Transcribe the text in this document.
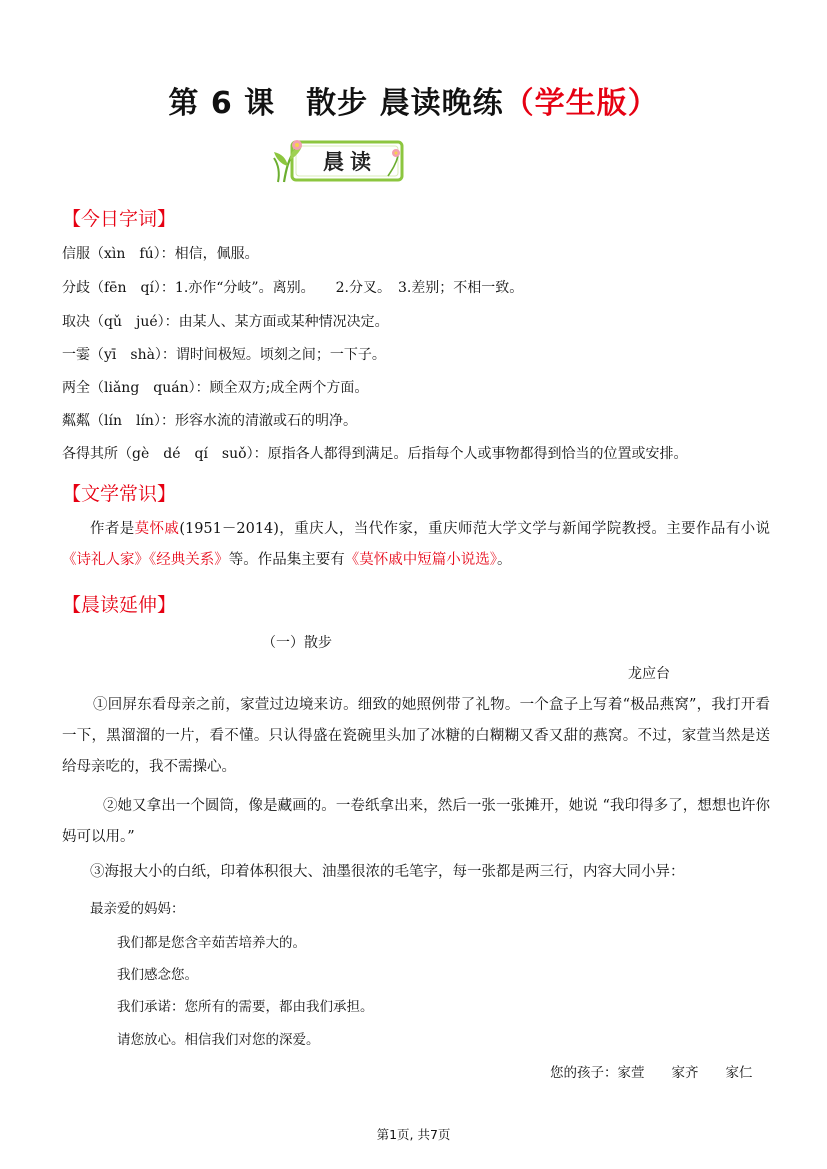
第 6 课　散步 晨读晚练（学生版）
晨读
【今日字词】
信服（xìn　fú）：相信，佩服。
分歧（fēn　qí）：1.亦作“分岐”。离别。　　2.分叉。　3.差别；不相一致。
取决（qǔ　jué）：由某人、某方面或某种情况决定。
一霎（yī　shà）：谓时间极短。顷刻之间；一下子。
两全（liǎng　quán）：顾全双方;成全两个方面。
粼粼（lín　lín）：形容水流的清澈或石的明净。
各得其所（gè　dé　qí　suǒ）：原指各人都得到满足。后指每个人或事物都得到恰当的位置或安排。
【文学常识】
作者是莫怀戚(1951－2014)，重庆人，当代作家，重庆师范大学文学与新闻学院教授。主要作品有小说《诗礼人家》《经典关系》等。作品集主要有《莫怀戚中短篇小说选》。
【晨读延伸】
（一）散步
龙应台
①回屏东看母亲之前，家萱过边境来访。细致的她照例带了礼物。一个盒子上写着“极品燕窝”，我打开看一下，黑溜溜的一片，看不懂。只认得盛在瓷碗里头加了冰糖的白糊糊又香又甜的燕窝。不过，家萱当然是送给母亲吃的，我不需操心。
②她又拿出一个圆筒，像是藏画的。一卷纸拿出来，然后一张一张摊开，她说 “我印得多了，想想也许你妈可以用。”
③海报大小的白纸，印着体积很大、油墨很浓的毛笔字，每一张都是两三行，内容大同小异：
最亲爱的妈妈：
我们都是您含辛茹苦培养大的。
我们感念您。
我们承诺：您所有的需要，都由我们承担。
请您放心。相信我们对您的深爱。
您的孩子：家萱　　家齐　　家仁
第1页, 共7页
